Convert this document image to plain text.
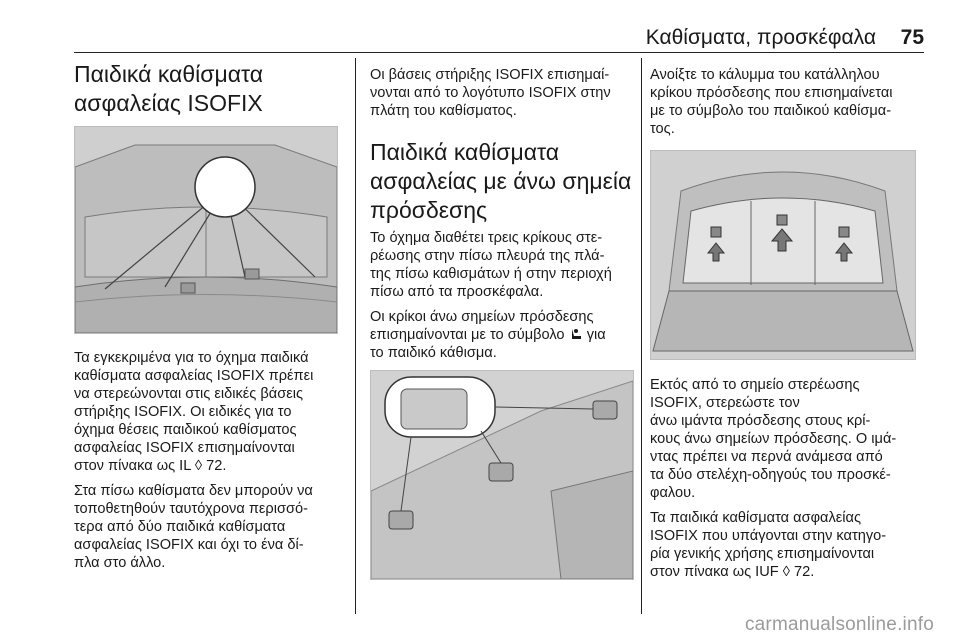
Καθίσματα, προσκέφαλα 75
Παιδικά καθίσματα
ασφαλείας ISOFIX

Τα εγκεκριμένα για το όχημα παιδικά
καθίσματα ασφαλείας ISOFIX πρέπει
να στερεώνονται στις ειδικές βάσεις
στήριξης ISOFIX. Οι ειδικές για το
όχημα θέσεις παιδικού καθίσματος
ασφαλείας ISOFIX επισημαίνονται
στον πίνακα ως IL ◊ 72.

Στα πίσω καθίσματα δεν μπορούν να
τοποθετηθούν ταυτόχρονα περισσό-
τερα από δύο παιδικά καθίσματα
ασφαλείας ISOFIX και όχι το ένα δί-
πλα στο άλλο.

Οι βάσεις στήριξης ISOFIX επισημαί-
νονται από το λογότυπο ISOFIX στην
πλάτη του καθίσματος.

Παιδικά καθίσματα
ασφαλείας με άνω σημεία
πρόσδεσης

Το όχημα διαθέτει τρεις κρίκους στε-
ρέωσης στην πίσω πλευρά της πλά-
της πίσω καθισμάτων ή στην περιοχή
πίσω από τα προσκέφαλα.

Οι κρίκοι άνω σημείων πρόσδεσης
επισημαίνονται με το σύμβολο για
το παιδικό κάθισμα.

Ανοίξτε το κάλυμμα του κατάλληλου
κρίκου πρόσδεσης που επισημαίνεται
με το σύμβολο του παιδικού καθίσμα-
τος.

Εκτός από το σημείο στερέωσης
ISOFIX, στερεώστε τον
άνω ιμάντα πρόσδεσης στους κρί-
κους άνω σημείων πρόσδεσης. Ο ιμά-
ντας πρέπει να περνά ανάμεσα από
τα δύο στελέχη-οδηγούς του προσκέ-
φαλου.

Τα παιδικά καθίσματα ασφαλείας
ISOFIX που υπάγονται στην κατηγο-
ρία γενικής χρήσης επισημαίνονται
στον πίνακα ως IUF ◊ 72.

carmanualsonline.info
